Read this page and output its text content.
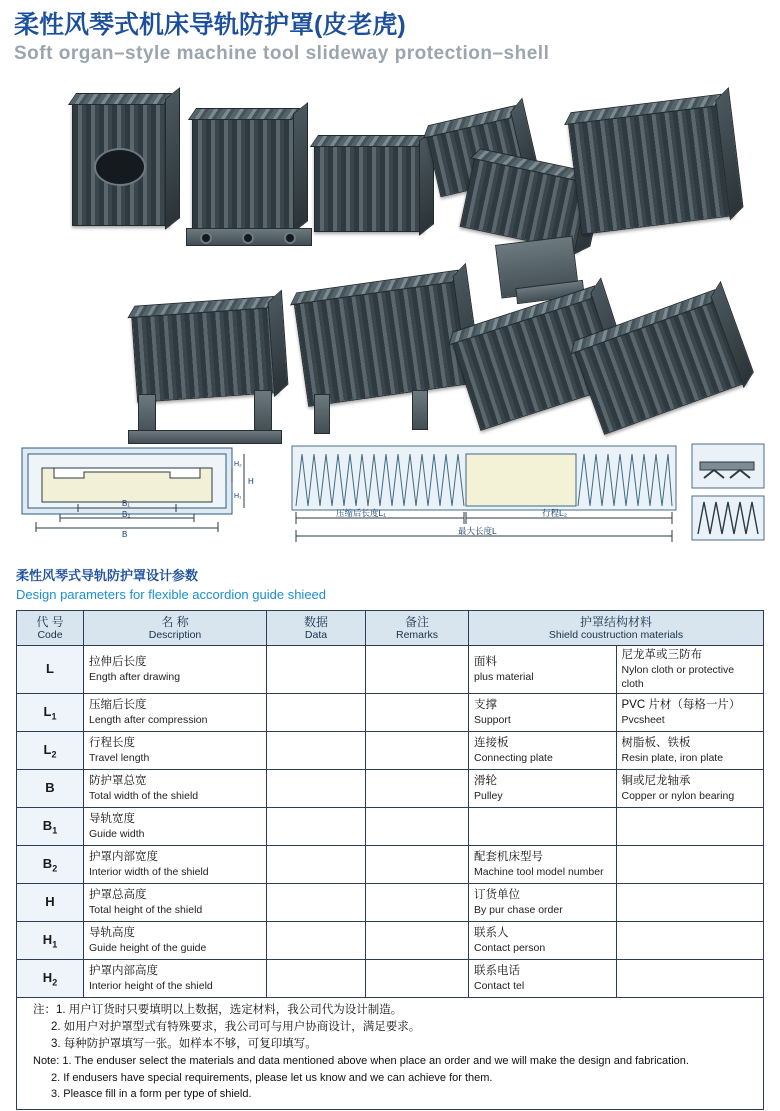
柔性风琴式机床导轨防护罩(皮老虎)
Soft organ–style machine tool slideway protection–shell
B₁
B₂
B
H
H₂
H₁
压缩后长度L₁	行程L₂
最大长度L
柔性风琴式导轨防护罩设计参数
Design parameters for flexible accordion guide shieed
代 号
Code	名 称
Description	数据
Data	备注
Remarks	护罩结构材料
Shield coustruction materials	

L	拉伸后长度
Ength after drawing			面料
plus material	尼龙革或三防布
Nylon cloth or protective cloth

$L_1$	压缩后长度
Length after compression			支撑
Support	PVC 片材（每格一片）
Pvcsheet

$L_2$	行程长度
Travel length			连接板
Connecting plate	树脂板、铁板
Resin plate, iron plate

B	防护罩总宽
Total width of the shield			滑轮
Pulley	铜或尼龙轴承
Copper or nylon bearing

$B_1$	导轨宽度
Guide width				

$B_2$	护罩内部宽度
Interior width of the shield			配套机床型号
Machine tool model number	

H	护罩总高度
Total height of the shield			订货单位
By pur chase order	

$H_1$	导轨高度
Guide height of the guide			联系人
Contact person	

$H_2$	护罩内部高度
Interior height of the shield			联系电话
Contact tel	

注：1. 用户订货时只要填明以上数据，选定材料，我公司代为设计制造。
2. 如用户对护罩型式有特殊要求，我公司可与用户协商设计，满足要求。
3. 每种防护罩填写一张。如样本不够，可复印填写。
Note: 1. The enduser select the materials and data mentioned above when place an order and we will make the design and fabrication.
2. If endusers have special requirements, please let us know and we can achieve for them.
3. Pleasce fill in a form per type of shield.
